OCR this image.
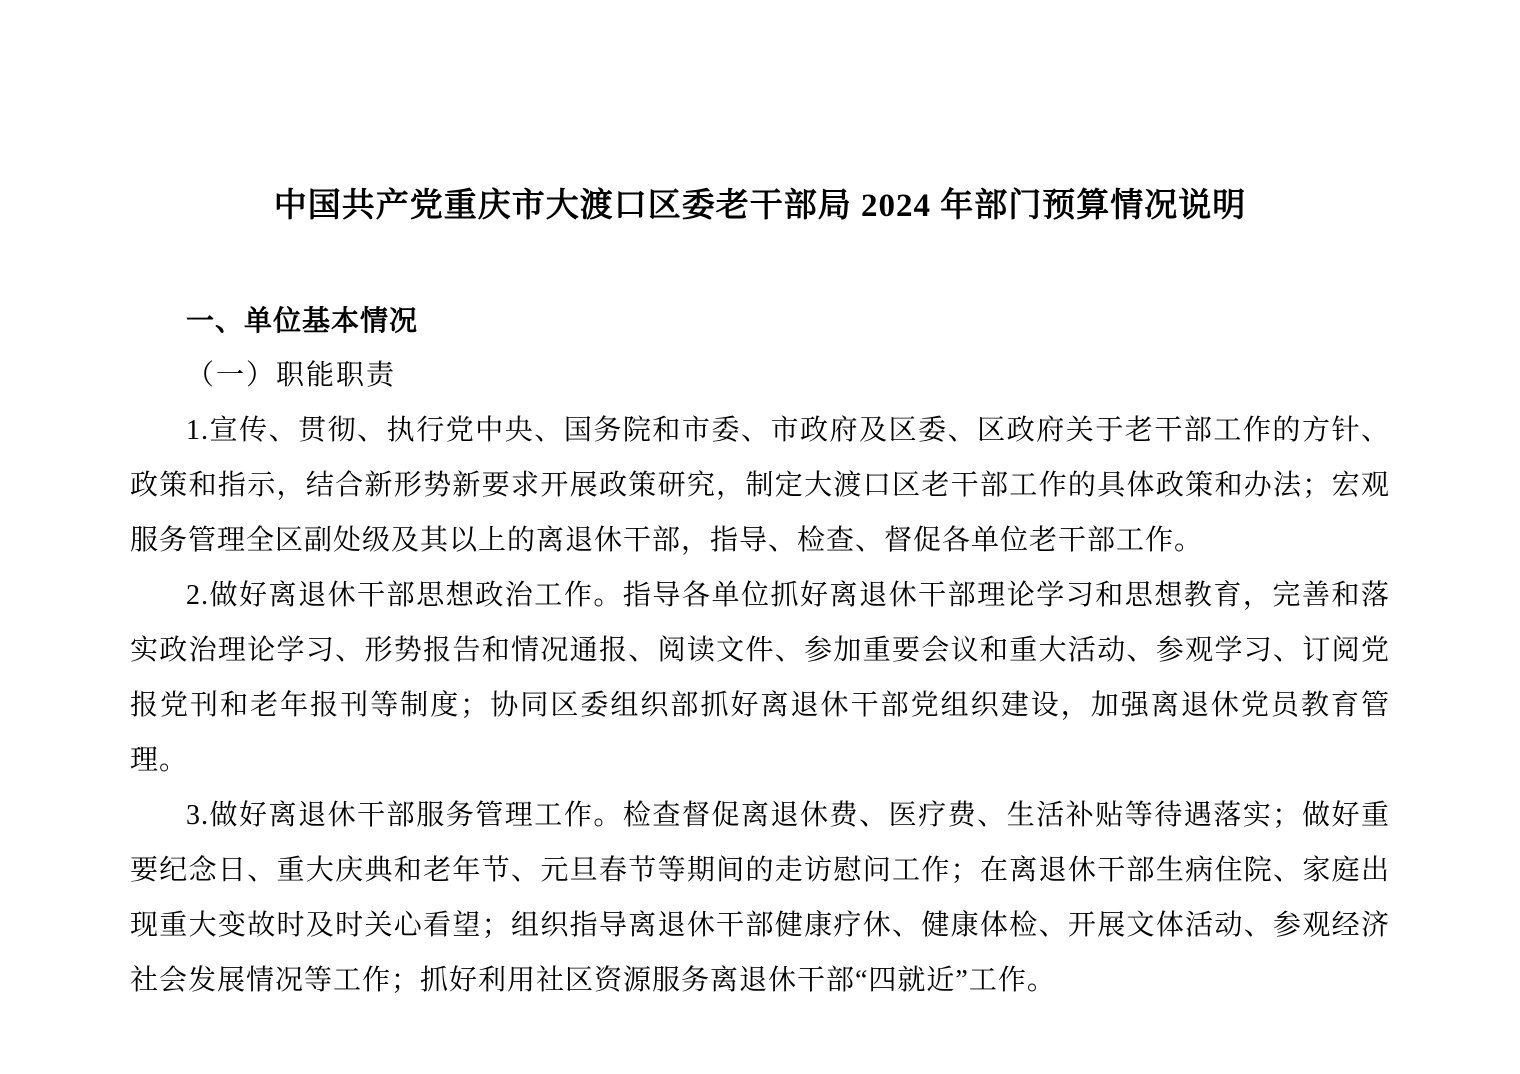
中国共产党重庆市大渡口区委老干部局 2024 年部门预算情况说明
一、单位基本情况
（一）职能职责

1.宣传、贯彻、执行党中央、国务院和市委、市政府及区委、区政府关于老干部工作的方针、政策和指示，结合新形势新要求开展政策研究，制定大渡口区老干部工作的具体政策和办法；宏观服务管理全区副处级及其以上的离退休干部，指导、检查、督促各单位老干部工作。

2.做好离退休干部思想政治工作。指导各单位抓好离退休干部理论学习和思想教育，完善和落实政治理论学习、形势报告和情况通报、阅读文件、参加重要会议和重大活动、参观学习、订阅党报党刊和老年报刊等制度；协同区委组织部抓好离退休干部党组织建设，加强离退休党员教育管理。

3.做好离退休干部服务管理工作。检查督促离退休费、医疗费、生活补贴等待遇落实；做好重要纪念日、重大庆典和老年节、元旦春节等期间的走访慰问工作；在离退休干部生病住院、家庭出现重大变故时及时关心看望；组织指导离退休干部健康疗休、健康体检、开展文体活动、参观经济社会发展情况等工作；抓好利用社区资源服务离退休干部“四就近”工作。
